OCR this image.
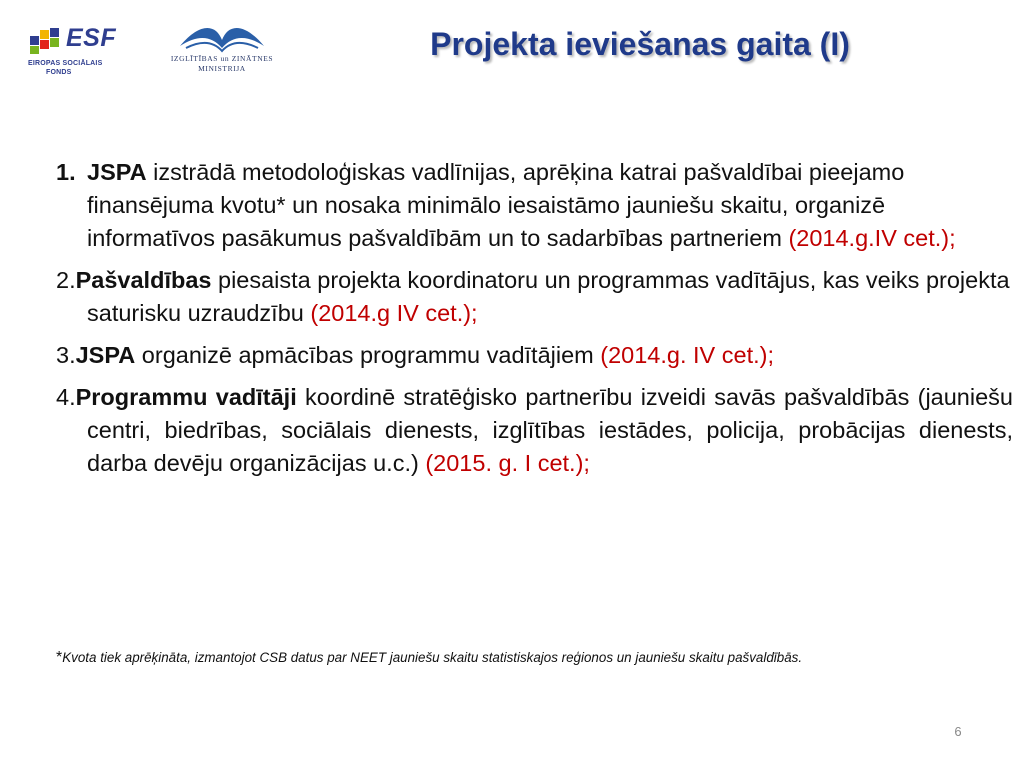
ESF
EIROPAS SOCIĀLAIS
FONDS
IZGLĪTĪBAS un ZINĀTNES
MINISTRIJA
Projekta ieviešanas gaita (I)
1. JSPA izstrādā metodoloģiskas vadlīnijas, aprēķina katrai pašvaldībai pieejamo finansējuma kvotu* un nosaka minimālo iesaistāmo jauniešu skaitu, organizē informatīvos pasākumus pašvaldībām un to sadarbības partneriem (2014.g.IV cet.);
2.Pašvaldības piesaista projekta koordinatoru un programmas vadītājus, kas veiks projekta saturisku uzraudzību (2014.g IV cet.);
3.JSPA organizē apmācības programmu vadītājiem (2014.g. IV cet.);
4.Programmu vadītāji koordinē stratēģisko partnerību izveidi savās pašvaldībās (jauniešu centri, biedrības, sociālais dienests, izglītības iestādes, policija, probācijas dienests, darba devēju organizācijas u.c.) (2015. g. I cet.);
*Kvota tiek aprēķināta, izmantojot CSB datus par NEET jauniešu skaitu statistiskajos reģionos un jauniešu skaitu pašvaldībās.
6
